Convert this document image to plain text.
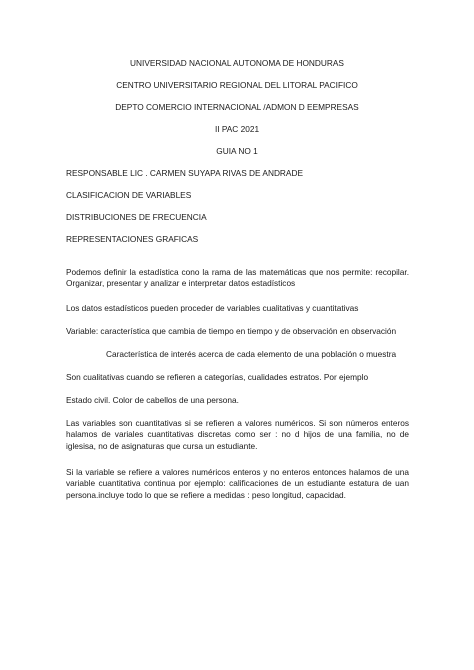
UNIVERSIDAD NACIONAL AUTONOMA DE HONDURAS
CENTRO UNIVERSITARIO REGIONAL DEL LITORAL PACIFICO
DEPTO COMERCIO INTERNACIONAL /ADMON D EEMPRESAS
II PAC 2021
GUIA NO 1
RESPONSABLE LIC . CARMEN SUYAPA RIVAS DE ANDRADE
CLASIFICACION DE VARIABLES
DISTRIBUCIONES DE FRECUENCIA
REPRESENTACIONES GRAFICAS
Podemos definir la estadística cono la rama de las matemáticas que nos permite: recopilar. Organizar, presentar y analizar e interpretar datos estadísticos
Los datos estadísticos pueden proceder de variables cualitativas y cuantitativas
Variable: característica que cambia de tiempo en tiempo y de observación en observación
Característica de interés acerca de cada elemento de una población o muestra
Son cualitativas cuando se refieren a categorías, cualidades estratos. Por ejemplo
Estado civil. Color de cabellos de una persona.
Las variables son cuantitativas si se refieren a valores numéricos. Si son números enteros halamos de variales cuantitativas discretas como ser : no d hijos de una familia, no de iglesisa, no de asignaturas que cursa un estudiante.
Si la variable se refiere a valores numéricos enteros y no enteros entonces halamos de una variable cuantitativa continua por ejemplo: calificaciones de un estudiante estatura de uan persona.incluye todo lo que se refiere a medidas : peso longitud, capacidad.
